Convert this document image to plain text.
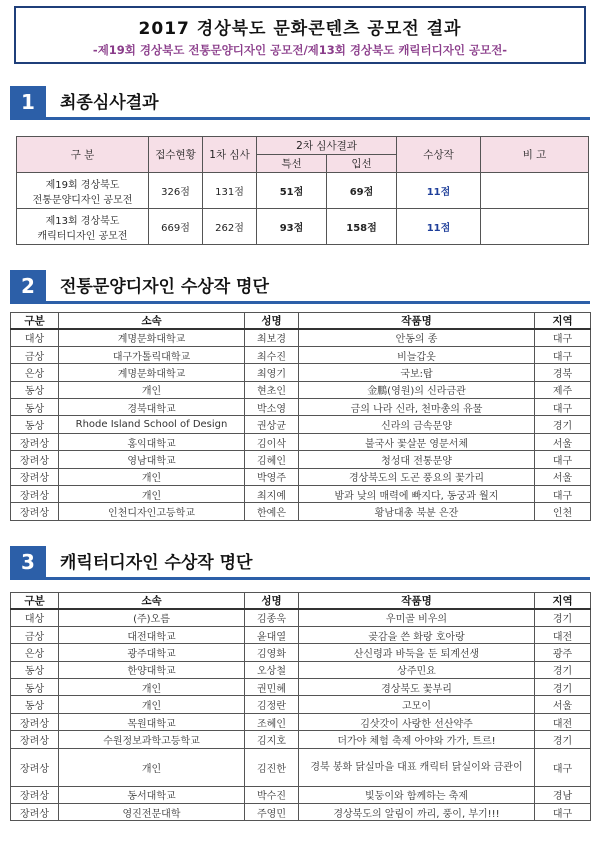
2017 경상북도 문화콘텐츠 공모전 결과
-제19회 경상북도 전통문양디자인 공모전/제13회 경상북도 캐릭터디자인 공모전-
1	최종심사결과
구 분	접수현황	1차 심사	2차 심사결과		수상작	비 고
			특선	입선		
제19회 경상북도
전통문양디자인 공모전	326점	131점	51점	69점	11점	
제13회 경상북도
캐릭터디자인 공모전	669점	262점	93점	158점	11점	
2	전통문양디자인 수상작 명단
구분	소속	성명	작품명	지역
대상	계명문화대학교	최보경	안동의 종	대구
금상	대구가톨릭대학교	최수진	비늘갑옷	대구
은상	계명문화대학교	최영기	국보:탑	경북
동상	개인	현초인	金鵬(영원)의 신라금관	제주
동상	경북대학교	박소영	금의 나라 신라, 천마총의 유물	대구
동상	Rhode Island School of Design	권상균	신라의 금속문양	경기
장려상	홍익대학교	김이삭	불국사 꽃살문 영문서체	서울
장려상	영남대학교	김혜인	청성대 전통문양	대구
장려상	개인	박영주	경상북도의 도곤 풍요의 꽃가리	서울
장려상	개인	최지예	밤과 낮의 매력에 빠지다, 동궁과 월지	대구
장려상	인천디자인고등학교	한예은	황남대총 북분 은잔	인천
3	캐릭터디자인 수상작 명단
구분	소속	성명	작품명	지역
대상	(주)오름	김종욱	우미골 비우의	경기
금상	대전대학교	윤대열	곶감을 쓴 화랑 호아랑	대전
은상	광주대학교	김영화	산신령과 바둑을 둔 퇴계선생	광주
동상	한양대학교	오상철	상주민요	경기
동상	개인	권민혜	경상북도 꽃부리	경기
동상	개인	김정란	고모이	서울
장려상	목원대학교	조혜인	김삿갓이 사랑한 선산약주	대전
장려상	수원정보과학고등학교	김지호	더가야 체험 축제 아야와 가가, 트르!	경기
장려상	개인	김진한	경북 봉화 닭실마을 대표 캐릭터 닭실이와 금관이	대구
장려상	동서대학교	박수진	빛둥이와 함께하는 축제	경남
장려상	영진전문대학	주영민	경상북도의 알림이 까리, 풍이, 부기!!!	대구
